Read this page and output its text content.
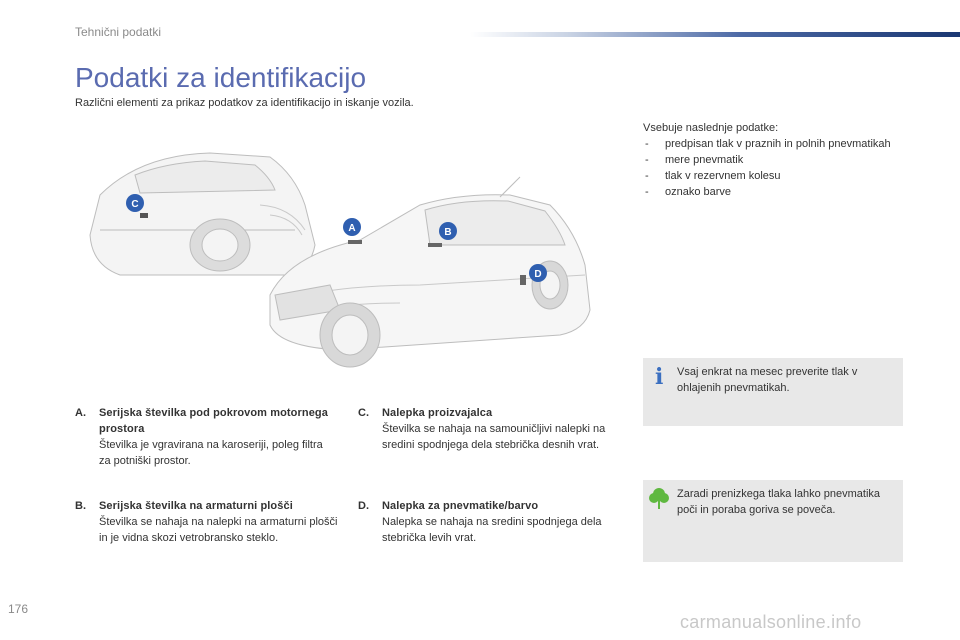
Tehnični podatki
Podatki za identifikacijo
Različni elementi za prikaz podatkov za identifikacijo in iskanje vozila.
A	B
C
D
Vsebuje naslednje podatke:
- predpisan tlak v praznih in polnih pnevmatikah
- mere pnevmatik
- tlak v rezervnem kolesu
- oznako barve
i Vsaj enkrat na mesec preverite tlak v ohlajenih pnevmatikah.
Zaradi prenizkega tlaka lahko pnevmatika poči in poraba goriva se poveča.
A. Serijska številka pod pokrovom motornega prostora
Številka je vgravirana na karoseriji, poleg filtra za potniški prostor.
B. Serijska številka na armaturni plošči
Številka se nahaja na nalepki na armaturni plošči in je vidna skozi vetrobransko steklo.
C. Nalepka proizvajalca
Številka se nahaja na samouničljivi nalepki na sredini spodnjega dela stebrička desnih vrat.
D. Nalepka za pnevmatike/barvo
Nalepka se nahaja na sredini spodnjega dela stebrička levih vrat.
176
carmanualsonline.info
